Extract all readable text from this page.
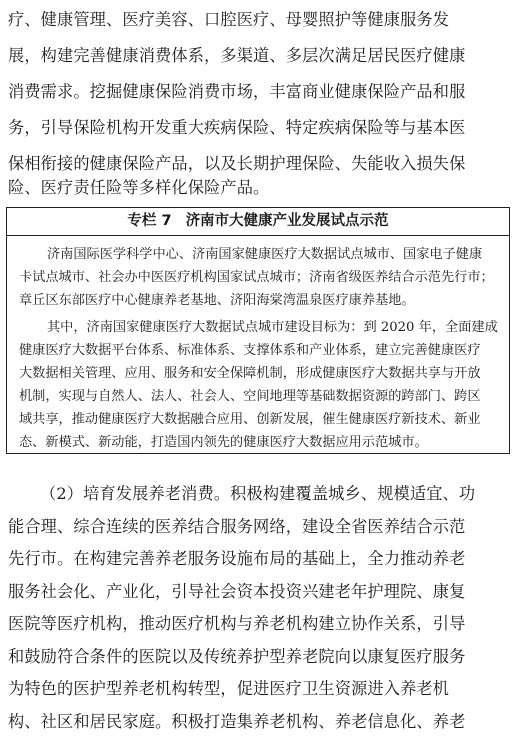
疗、健康管理、医疗美容、口腔医疗、母婴照护等健康服务发
展，构建完善健康消费体系，多渠道、多层次满足居民医疗健康
消费需求。挖掘健康保险消费市场，丰富商业健康保险产品和服
务，引导保险机构开发重大疾病保险、特定疾病保险等与基本医
保相衔接的健康保险产品，以及长期护理保险、失能收入损失保
险、医疗责任险等多样化保险产品。
专栏 7 济南市大健康产业发展试点示范
济南国际医学科学中心、济南国家健康医疗大数据试点城市、国家电子健康
卡试点城市、社会办中医医疗机构国家试点城市；济南省级医养结合示范先行市；
章丘区东部医疗中心健康养老基地、济阳海棠湾温泉医疗康养基地。
其中，济南国家健康医疗大数据试点城市建设目标为：到 2020 年，全面建成
健康医疗大数据平台体系、标准体系、支撑体系和产业体系，建立完善健康医疗
大数据相关管理、应用、服务和安全保障机制，形成健康医疗大数据共享与开放
机制，实现与自然人、法人、社会人、空间地理等基础数据资源的跨部门、跨区
域共享，推动健康医疗大数据融合应用、创新发展，催生健康医疗新技术、新业
态、新模式、新动能，打造国内领先的健康医疗大数据应用示范城市。
（2）培育发展养老消费。积极构建覆盖城乡、规模适宜、功
能合理、综合连续的医养结合服务网络，建设全省医养结合示范
先行市。在构建完善养老服务设施布局的基础上，全力推动养老
服务社会化、产业化，引导社会资本投资兴建老年护理院、康复
医院等医疗机构，推动医疗机构与养老机构建立协作关系，引导
和鼓励符合条件的医院以及传统养护型养老院向以康复医疗服务
为特色的医护型养老机构转型，促进医疗卫生资源进入养老机
构、社区和居民家庭。积极打造集养老机构、养老信息化、养老
